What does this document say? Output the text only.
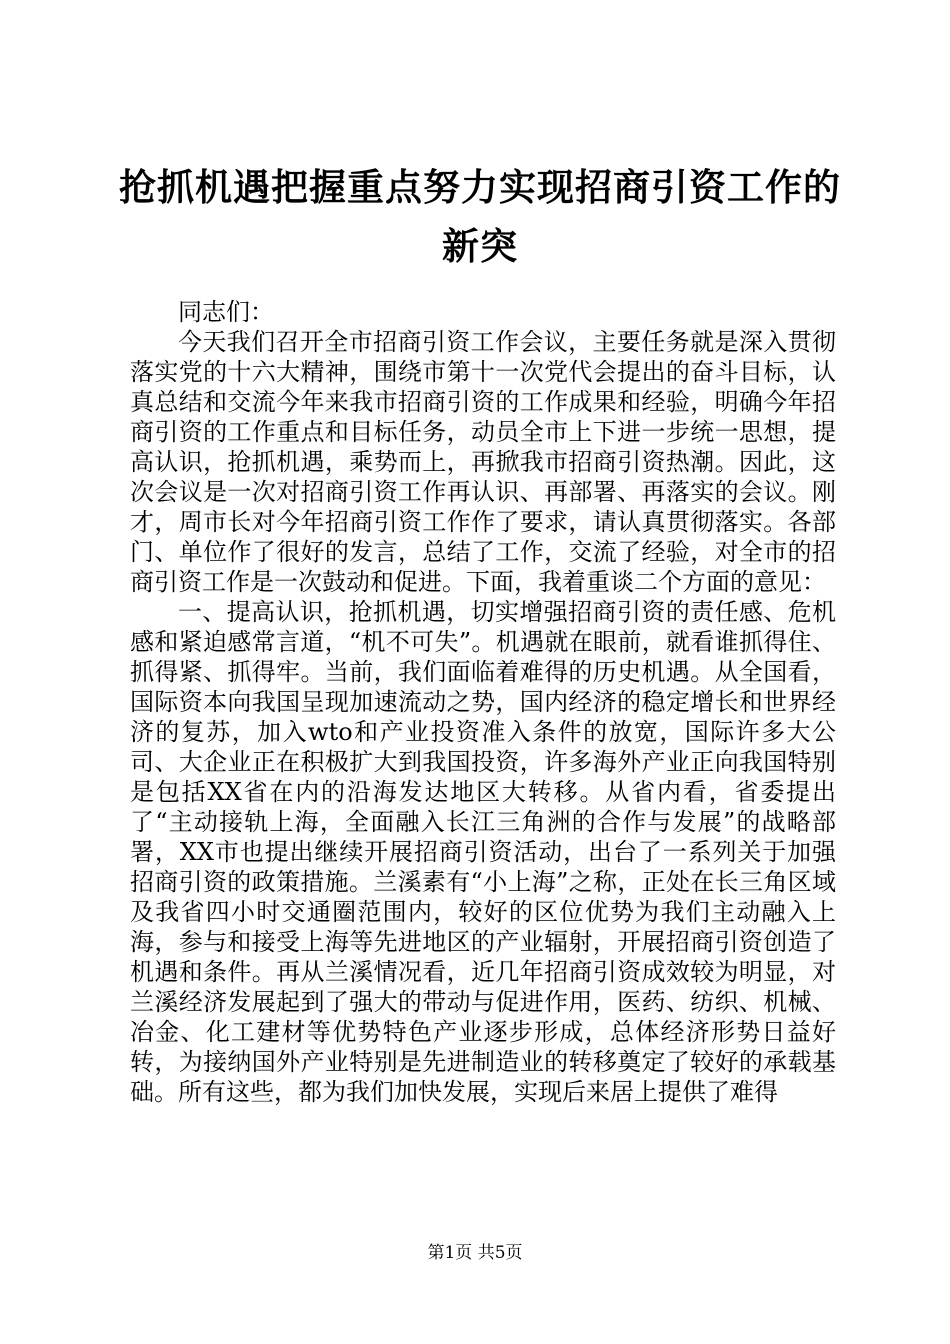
抢抓机遇把握重点努力实现招商引资工作的新突

同志们：

今天我们召开全市招商引资工作会议，主要任务就是深入贯彻落实党的十六大精神，围绕市第十一次党代会提出的奋斗目标，认真总结和交流今年来我市招商引资的工作成果和经验，明确今年招商引资的工作重点和目标任务，动员全市上下进一步统一思想，提高认识，抢抓机遇，乘势而上，再掀我市招商引资热潮。因此，这次会议是一次对招商引资工作再认识、再部署、再落实的会议。刚才，周市长对今年招商引资工作作了要求，请认真贯彻落实。各部门、单位作了很好的发言，总结了工作，交流了经验，对全市的招商引资工作是一次鼓动和促进。下面，我着重谈二个方面的意见：

一、提高认识，抢抓机遇，切实增强招商引资的责任感、危机感和紧迫感常言道，“机不可失”。机遇就在眼前，就看谁抓得住、抓得紧、抓得牢。当前，我们面临着难得的历史机遇。从全国看，国际资本向我国呈现加速流动之势，国内经济的稳定增长和世界经济的复苏，加入wto和产业投资准入条件的放宽，国际许多大公司、大企业正在积极扩大到我国投资，许多海外产业正向我国特别是包括XX省在内的沿海发达地区大转移。从省内看，省委提出了“主动接轨上海，全面融入长江三角洲的合作与发展”的战略部署，XX市也提出继续开展招商引资活动，出台了一系列关于加强招商引资的政策措施。兰溪素有“小上海”之称，正处在长三角区域及我省四小时交通圈范围内，较好的区位优势为我们主动融入上海，参与和接受上海等先进地区的产业辐射，开展招商引资创造了机遇和条件。再从兰溪情况看，近几年招商引资成效较为明显，对兰溪经济发展起到了强大的带动与促进作用，医药、纺织、机械、冶金、化工建材等优势特色产业逐步形成，总体经济形势日益好转，为接纳国外产业特别是先进制造业的转移奠定了较好的承载基础。所有这些，都为我们加快发展，实现后来居上提供了难得

第1页 共5页
